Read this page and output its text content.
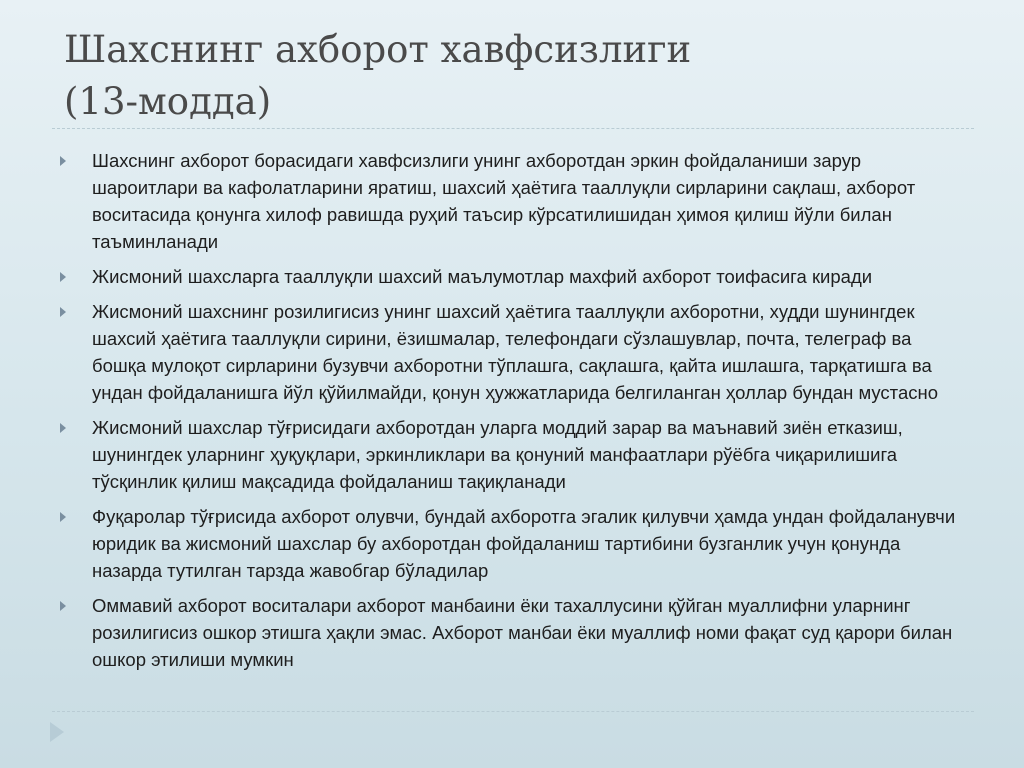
Шахснинг ахборот хавфсизлиги
(13-модда)
Шахснинг ахборот борасидаги хавфсизлиги унинг ахборотдан эркин фойдаланиши зарур шароитлари ва кафолатларини яратиш, шахсий ҳаётига тааллуқли сирларини сақлаш, ахборот воситасида қонунга хилоф равишда руҳий таъсир кўрсатилишидан ҳимоя қилиш йўли билан таъминланади
Жисмоний шахсларга тааллуқли шахсий маълумотлар махфий ахборот тоифасига киради
Жисмоний шахснинг розилигисиз унинг шахсий ҳаётига тааллуқли ахборотни, худди шунингдек шахсий ҳаётига тааллуқли сирини, ёзишмалар, телефондаги сўзлашувлар, почта, телеграф ва бошқа мулоқот сирларини бузувчи ахборотни тўплашга, сақлашга, қайта ишлашга, тарқатишга ва ундан фойдаланишга йўл қўйилмайди, қонун ҳужжатларида белгиланган ҳоллар бундан мустасно
Жисмоний шахслар тўғрисидаги ахборотдан уларга моддий зарар ва маънавий зиён етказиш, шунингдек уларнинг ҳуқуқлари, эркинликлари ва қонуний манфаатлари рўёбга чиқарилишига тўсқинлик қилиш мақсадида фойдаланиш тақиқланади
Фуқаролар тўғрисида ахборот олувчи, бундай ахборотга эгалик қилувчи ҳамда ундан фойдаланувчи юридик ва жисмоний шахслар бу ахборотдан фойдаланиш тартибини бузганлик учун қонунда назарда тутилган тарзда жавобгар бўладилар
Оммавий ахборот воситалари ахборот манбаини ёки тахаллусини қўйган муаллифни уларнинг розилигисиз ошкор этишга ҳақли эмас. Ахборот манбаи ёки муаллиф номи фақат суд қарори билан ошкор этилиши мумкин
